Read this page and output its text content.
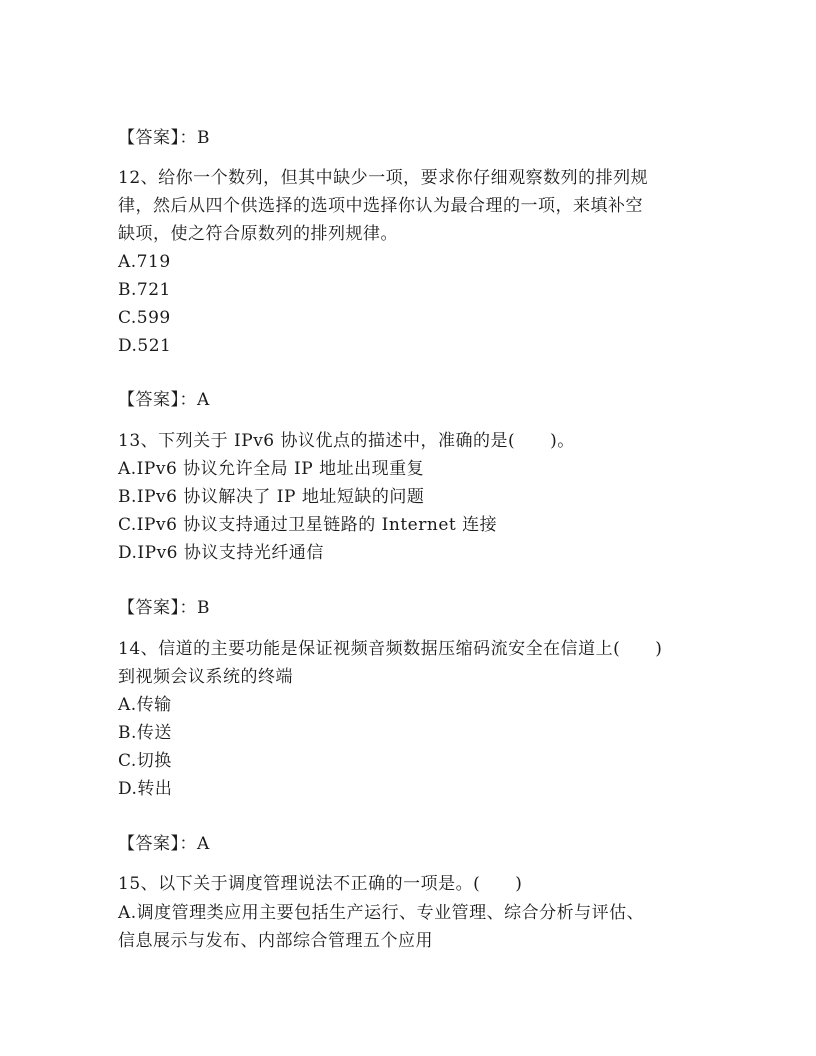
【答案】：B
12、给你一个数列，但其中缺少一项，要求你仔细观察数列的排列规
律，然后从四个供选择的选项中选择你认为最合理的一项，来填补空
缺项，使之符合原数列的排列规律。
A.719
B.721
C.599
D.521
【答案】：A
13、下列关于 IPv6 协议优点的描述中，准确的是(　　)。
A.IPv6 协议允许全局 IP 地址出现重复
B.IPv6 协议解决了 IP 地址短缺的问题
C.IPv6 协议支持通过卫星链路的 Internet 连接
D.IPv6 协议支持光纤通信
【答案】：B
14、信道的主要功能是保证视频音频数据压缩码流安全在信道上(　　)
到视频会议系统的终端
A.传输
B.传送
C.切换
D.转出
【答案】：A
15、以下关于调度管理说法不正确的一项是。(　　)
A.调度管理类应用主要包括生产运行、专业管理、综合分析与评估、
信息展示与发布、内部综合管理五个应用
